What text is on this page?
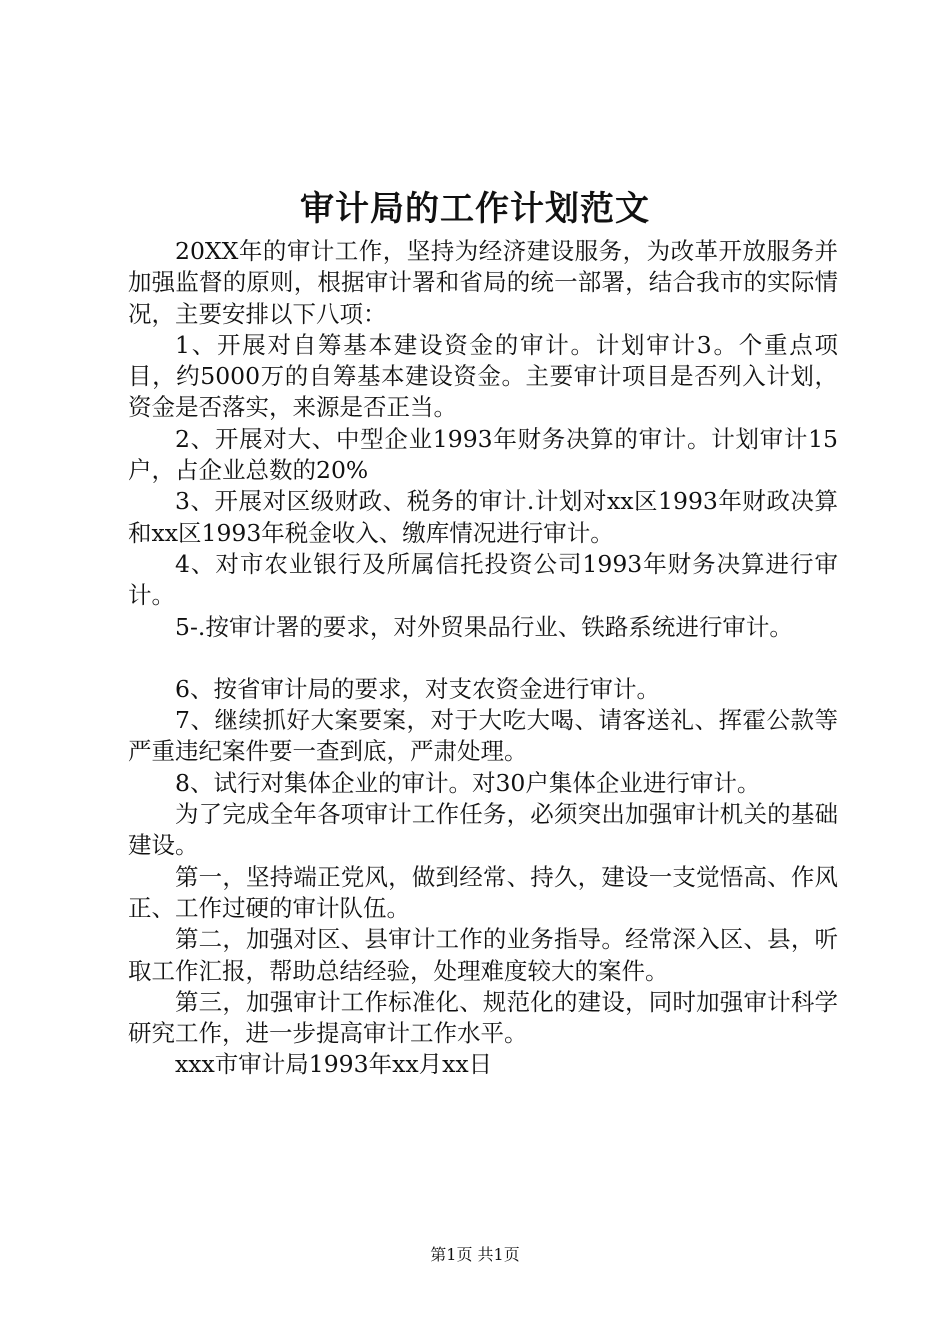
审计局的工作计划范文

20XX年的审计工作，坚持为经济建设服务，为改革开放服务并加强监督的原则，根据审计署和省局的统一部署，结合我市的实际情况，主要安排以下八项：

1、开展对自筹基本建设资金的审计。计划审计3。个重点项目，约5000万的自筹基本建设资金。主要审计项目是否列入计划，资金是否落实，来源是否正当。

2、开展对大、中型企业1993年财务决算的审计。计划审计15户，占企业总数的20%

3、开展对区级财政、税务的审计.计划对xx区1993年财政决算和xx区1993年税金收入、缴库情况进行审计。

4、对市农业银行及所属信托投资公司1993年财务决算进行审计。

5-.按审计署的要求，对外贸果品行业、铁路系统进行审计。

6、按省审计局的要求，对支农资金进行审计。

7、继续抓好大案要案，对于大吃大喝、请客送礼、挥霍公款等严重违纪案件要一查到底，严肃处理。

8、试行对集体企业的审计。对30户集体企业进行审计。

为了完成全年各项审计工作任务，必须突出加强审计机关的基础建设。

第一，坚持端正党风，做到经常、持久，建设一支觉悟高、作风正、工作过硬的审计队伍。

第二，加强对区、县审计工作的业务指导。经常深入区、县，听取工作汇报，帮助总结经验，处理难度较大的案件。

第三，加强审计工作标准化、规范化的建设，同时加强审计科学研究工作，进一步提高审计工作水平。

xxx市审计局1993年xx月xx日

第1页 共1页
